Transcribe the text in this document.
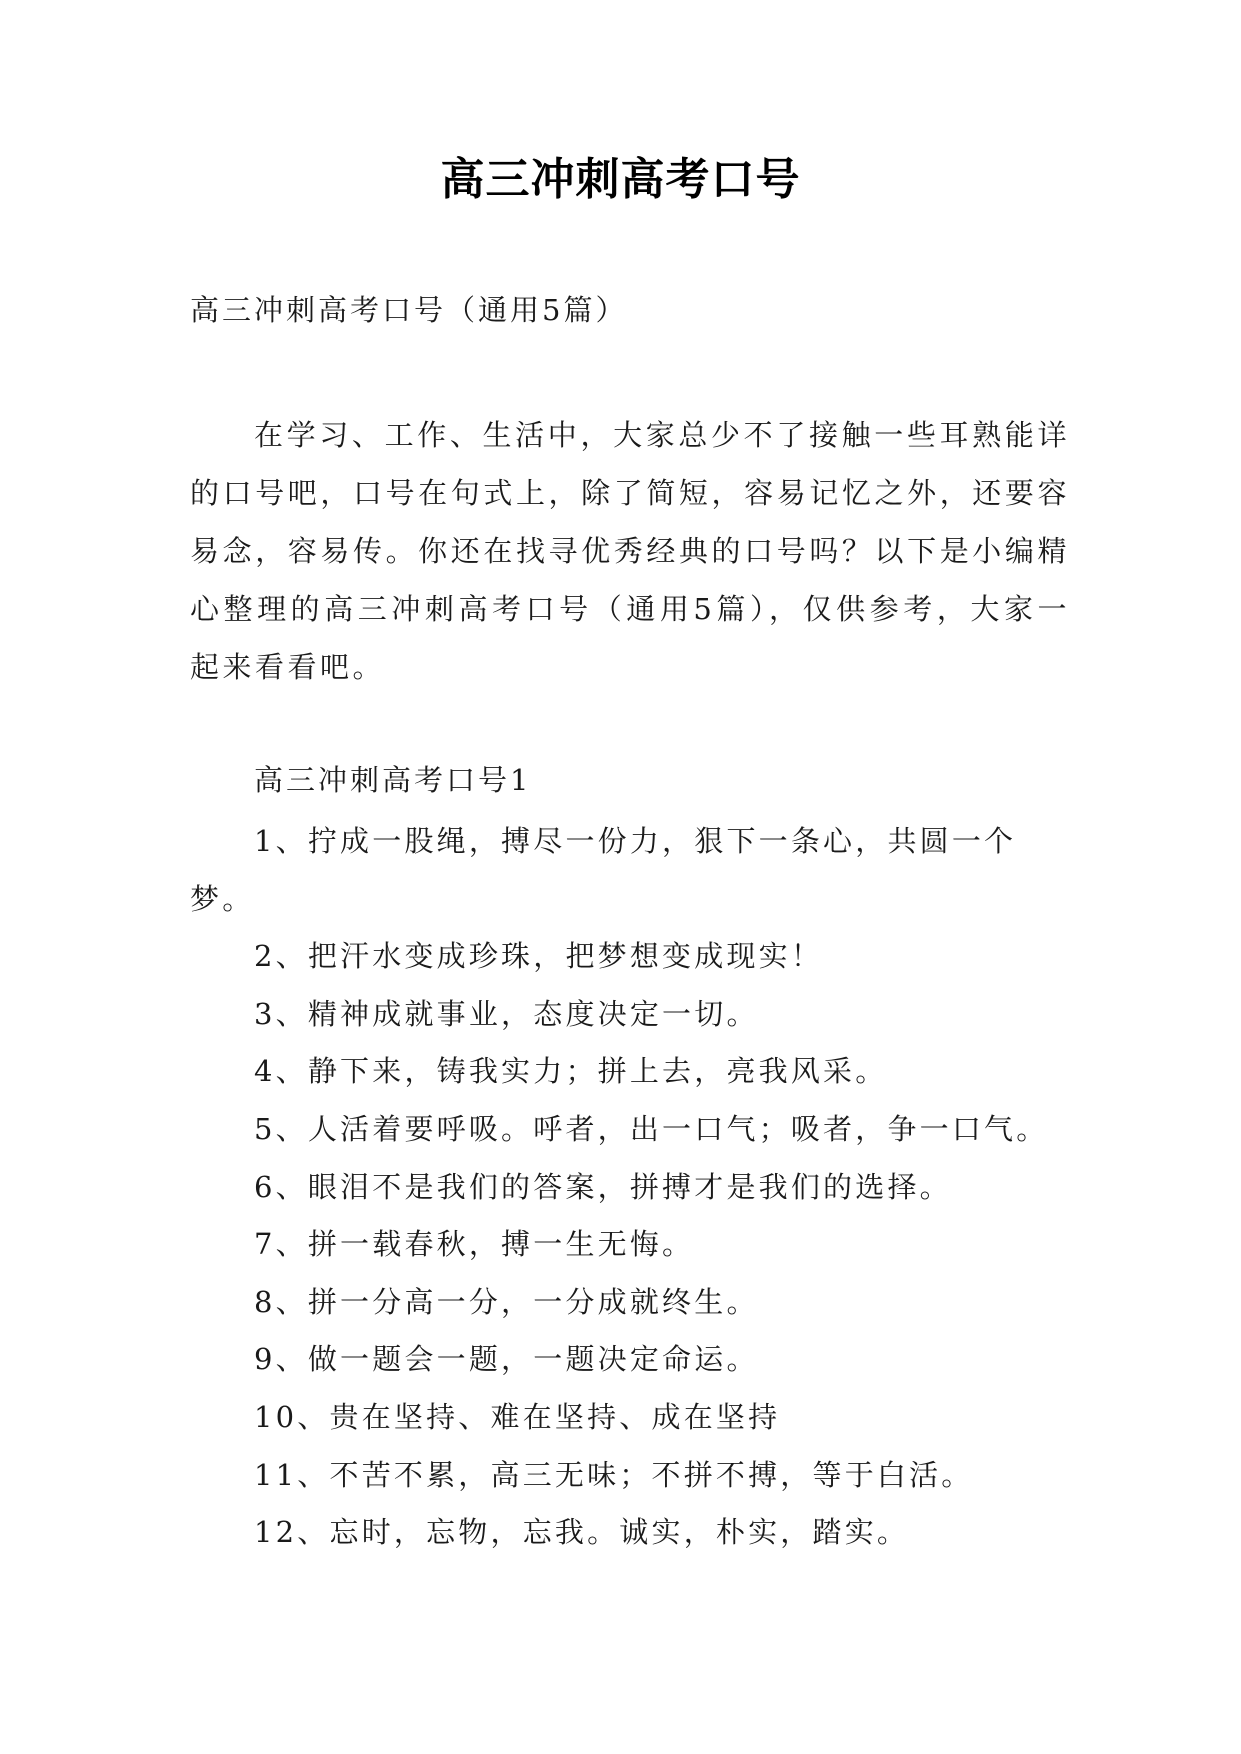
高三冲刺高考口号
高三冲刺高考口号（通用5篇）

在学习、工作、生活中，大家总少不了接触一些耳熟能详的口号吧，口号在句式上，除了简短，容易记忆之外，还要容易念，容易传。你还在找寻优秀经典的口号吗？以下是小编精心整理的高三冲刺高考口号（通用5篇），仅供参考，大家一起来看看吧。

高三冲刺高考口号1
1、拧成一股绳，搏尽一份力，狠下一条心，共圆一个梦。
2、把汗水变成珍珠，把梦想变成现实！
3、精神成就事业，态度决定一切。
4、静下来，铸我实力；拼上去，亮我风采。
5、人活着要呼吸。呼者，出一口气；吸者，争一口气。
6、眼泪不是我们的答案，拼搏才是我们的选择。
7、拼一载春秋，搏一生无悔。
8、拼一分高一分，一分成就终生。
9、做一题会一题，一题决定命运。
10、贵在坚持、难在坚持、成在坚持
11、不苦不累，高三无味；不拼不搏，等于白活。
12、忘时，忘物，忘我。诚实，朴实，踏实。
